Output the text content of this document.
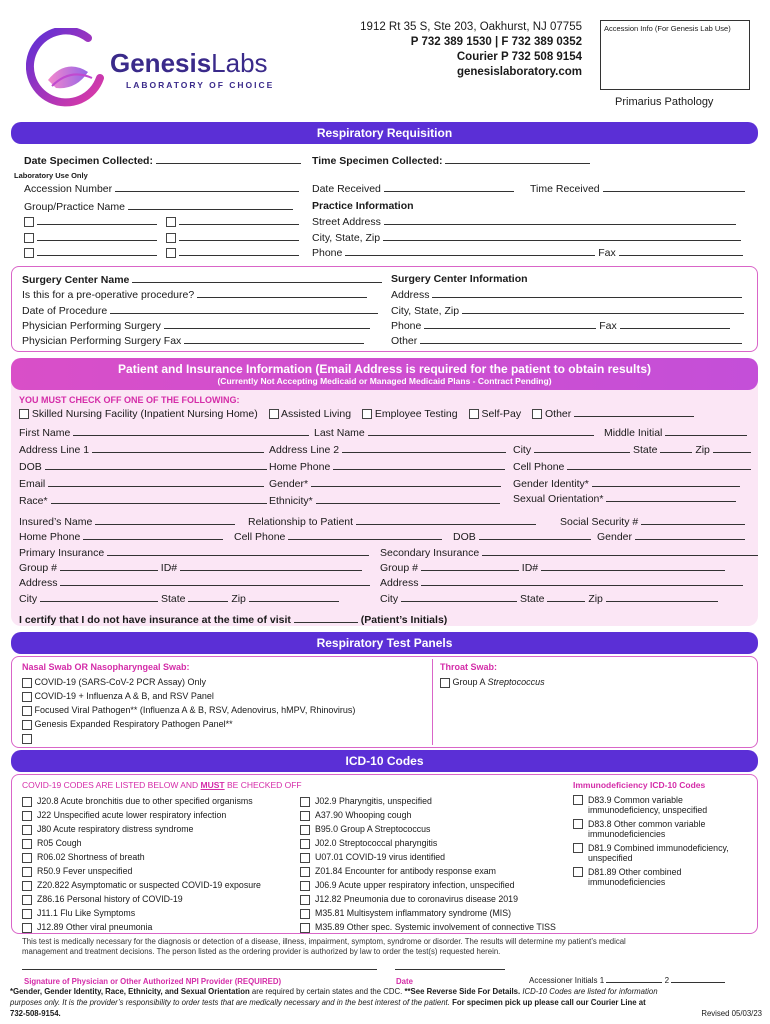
GenesisLabs
LABORATORY OF CHOICE
1912 Rt 35 S, Ste 203, Oakhurst, NJ 07755
P 732 389 1530 | F 732 389 0352
Courier P 732 508 9154
genesislaboratory.com
Accession Info (For Genesis Lab Use)
Primarius Pathology
Respiratory Requisition
Date Specimen Collected:	Time Specimen Collected:
Laboratory Use Only
Accession Number	Date Received	Time Received
Group/Practice Name	Practice Information

Street Address
City, State, Zip
Phone	Fax
Surgery Center Name	Surgery Center Information
Is this for a pre-operative procedure?	Address
Date of Procedure	City, State, Zip
Physician Performing Surgery	Phone	Fax
Physician Performing Surgery Fax	Other
Patient and Insurance Information (Email Address is required for the patient to obtain results)
(Currently Not Accepting Medicaid or Managed Medicaid Plans - Contract Pending)
YOU MUST CHECK OFF ONE OF THE FOLLOWING:
Skilled Nursing Facility (Inpatient Nursing Home) Assisted Living Employee Testing Self-Pay Other
First Name	Last Name	Middle Initial
Address Line 1	Address Line 2	City	State	Zip
DOB	Home Phone	Cell Phone
Email	Gender*	Gender Identity*
Race*	Ethnicity*	Sexual Orientation*
Insured’s Name	Relationship to Patient	Social Security #
Home Phone	Cell Phone	DOB	Gender
Primary Insurance	Secondary Insurance
Group #	ID#	Group #	ID#
Address	Address
City	State	Zip	City	State	Zip
I certify that I do not have insurance at the time of visit	(Patient’s Initials)
Respiratory Test Panels
Nasal Swab OR Nasopharyngeal Swab:	Throat Swab:
COVID-19 (SARS-CoV-2 PCR Assay) Only
COVID-19 + Influenza A & B, and RSV Panel
Focused Viral Pathogen** (Influenza A & B, RSV, Adenovirus, hMPV, Rhinovirus)
Genesis Expanded Respiratory Pathogen Panel**
Group A Streptococcus
ICD-10 Codes
COVID-19 CODES ARE LISTED BELOW AND MUST BE CHECKED OFF	Immunodeficiency ICD-10 Codes
J20.8 Acute bronchitis due to other specified organisms
J22 Unspecified acute lower respiratory infection
J80 Acute respiratory distress syndrome
R05 Cough
R06.02 Shortness of breath
R50.9 Fever unspecified
Z20.822 Asymptomatic or suspected COVID-19 exposure
Z86.16 Personal history of COVID-19
J11.1 Flu Like Symptoms
J12.89 Other viral pneumonia
J02.9 Pharyngitis, unspecified
A37.90 Whooping cough
B95.0 Group A Streptococcus
J02.0 Streptococcal pharyngitis
U07.01 COVID-19 virus identified
Z01.84 Encounter for antibody response exam
J06.9 Acute upper respiratory infection, unspecified
J12.82 Pneumonia due to coronavirus disease 2019
M35.81 Multisystem inflammatory syndrome (MIS)
M35.89 Other spec. Systemic involvement of connective TISS
D83.9 Common variable
immunodeficiency, unspecified
D83.8 Other common variable
immunodeficiencies
D81.9 Combined immunodeficiency,
unspecified
D81.89 Other combined
immunodeficiencies
This test is medically necessary for the diagnosis or detection of a disease, illness, impairment, symptom, syndrome or disorder. The results will determine my patient’s medical
management and treatment decisions. The person listed as the ordering provider is authorized by law to order the test(s) requested herein.
Signature of Physician or Other Authorized NPI Provider (REQUIRED)	Date	Accessioner Initials 1	2
*Gender, Gender Identity, Race, Ethnicity, and Sexual Orientation are required by certain states and the CDC. **See Reverse Side For Details. ICD-10 Codes are listed for information
purposes only. It is the provider’s responsibility to order tests that are medically necessary and in the best interest of the patient. For specimen pick up please call our Courier Line at
732-508-9154.	Revised 05/03/23
